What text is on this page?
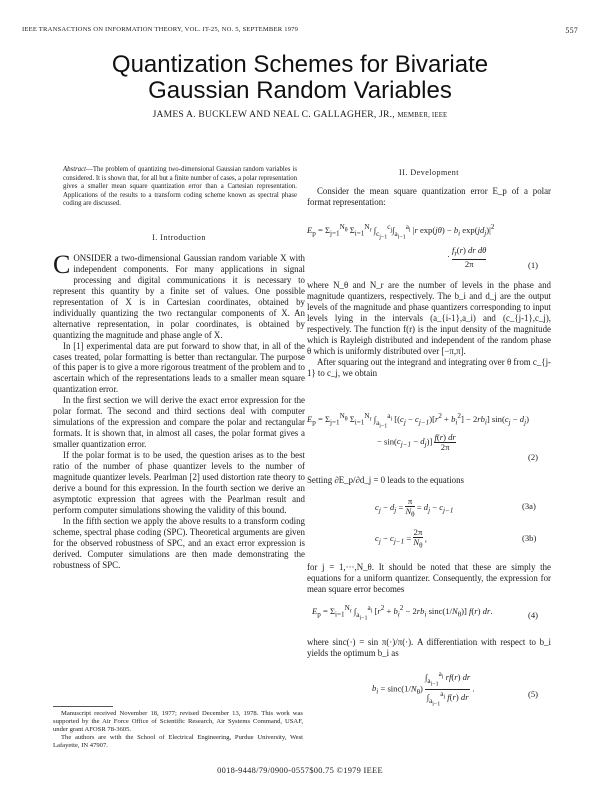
IEEE TRANSACTIONS ON INFORMATION THEORY, VOL. IT-25, NO. 5, SEPTEMBER 1979	557
Quantization Schemes for Bivariate
Gaussian Random Variables
JAMES A. BUCKLEW AND NEAL C. GALLAGHER, JR., MEMBER, IEEE
Abstract—The problem of quantizing two-dimensional Gaussian random variables is considered. It is shown that, for all but a finite number of cases, a polar representation gives a smaller mean square quantization error than a Cartesian representation. Applications of the results to a transform coding scheme known as spectral phase coding are discussed.
I. Introduction

CONSIDER a two-dimensional Gaussian random variable X with independent components. For many applications in signal processing and digital communications it is necessary to represent this quantity by a finite set of values. One possible representation of X is in Cartesian coordinates, obtained by individually quantizing the two rectangular components of X. An alternative representation, in polar coordinates, is obtained by quantizing the magnitude and phase angle of X.

In [1] experimental data are put forward to show that, in all of the cases treated, polar formatting is better than rectangular. The purpose of this paper is to give a more rigorous treatment of the problem and to ascertain which of the representations leads to a smaller mean square quantization error.

In the first section we will derive the exact error expression for the polar format. The second and third sections deal with computer simulations of the expression and compare the polar and rectangular formats. It is shown that, in almost all cases, the polar format gives a smaller quantization error.

If the polar format is to be used, the question arises as to the best ratio of the number of phase quantizer levels to the number of magnitude quantizer levels. Pearlman [2] used distortion rate theory to derive a bound for this expression. In the fourth section we derive an asymptotic expression that agrees with the Pearlman result and perform computer simulations showing the validity of this bound.

In the fifth section we apply the above results to a transform coding scheme, spectral phase coding (SPC). Theoretical arguments are given for the observed robustness of SPC, and an exact error expression is derived. Computer simulations are then made demonstrating the robustness of SPC.

Manuscript received November 18, 1977; revised December 13, 1978. This work was supported by the Air Force Office of Scientific Research, Air Systems Command, USAF, under grant AFOSR 78-3605.

The authors are with the School of Electrical Engineering, Purdue University, West Lafayette, IN 47907.

II. Development

Consider the mean square quantization error E_p of a polar format representation:

$E_p = \Sigma_{j=1}^{N_\theta}$ $\Sigma_{i=1}^{N_r}$ $\int_{c_{j-1}}^{c_j}\int_{a_{i-1}}^{a_i}$ |r $\exp(j\theta) - b_i$ $\exp(jd_j)|^2$
· $\frac{f_r(r) dr d\theta}{2\pi}$	(1)

where N_θ and N_r are the number of levels in the phase and magnitude quantizers, respectively. The b_i and d_j are the output levels of the magnitude and phase quantizers corresponding to input levels lying in the intervals (a_{i-1},a_i) and (c_{j-1},c_j), respectively. The function f(r) is the input density of the magnitude which is Rayleigh distributed and independent of the random phase θ which is uniformly distributed over [−π,π].

After squaring out the integrand and integrating over θ from c_{j-1} to c_j, we obtain

$E_p = \Sigma_{j=1}^{N_\theta}$ $\Sigma_{i=1}^{N_r}$ $\int_{a_{i-1}}^{a_i}$ $[(c_j - c_{j-1})[r^2 + b_i^2] - 2rb_i] \sin(c_j - d_j)$
− $\sin(c_{j-1} - d_j)] \frac{f(r) dr}{2\pi}$
(2)

Setting ∂E_p/∂d_j = 0 leads to the equations

$c_j - d_j = \frac{\pi}{N_\theta} = d_j - c_{j-1}$
(3a)
$c_j - c_{j-1} = \frac{2\pi}{N_\theta}$ ,	(3b)

for j = 1,···,N_θ. It should be noted that these are simply the equations for a uniform quantizer. Consequently, the expression for mean square error becomes

$E_p = \Sigma_{i=1}^{N_r}$ $\int_{a_{i-1}}^{a_i}$ [$r^2 + b_i^2 - 2rb_i$ $\sin c(1/N_\theta)$] f(r) dr.	(4)

where sinc(·) = sin π(·)/π(·). A differentiation with respect to b_i yields the optimum b_i as

$b_i = \sin c(1/N_\theta) \frac{\int_{a_{i-1}}^{a_i} rf(r) dr}{\int_{a_{i-1}}^{a_i} f(r) dr}$ .
(5)
0018-9448/79/0900-0557$00.75 ©1979 IEEE
